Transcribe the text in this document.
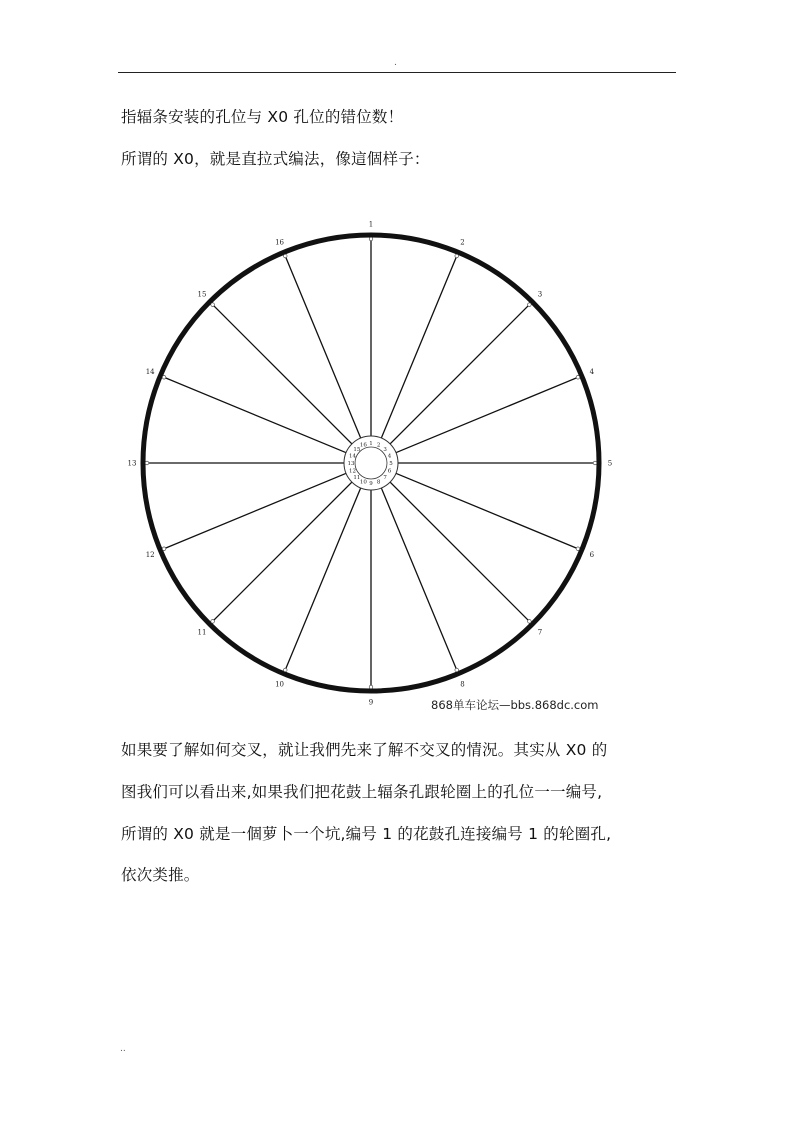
.
指辐条安装的孔位与 X0 孔位的错位数！
所谓的 X0，就是直拉式编法，像這個样子：
1
2
3
4
5
6
7
8
9
10
11
12
13
14
15
16
1 2
3
4
5
6
7
8
9
10
11
12
13
14
15
16
868单车论坛—bbs.868dc.com
如果要了解如何交叉，就让我們先来了解不交叉的情況。其实从 X0 的
图我们可以看出来,如果我们把花鼓上辐条孔跟轮圈上的孔位一一编号,
所谓的 X0 就是一個萝卜一个坑,编号 1 的花鼓孔连接编号 1 的轮圈孔,
依次类推。
..
